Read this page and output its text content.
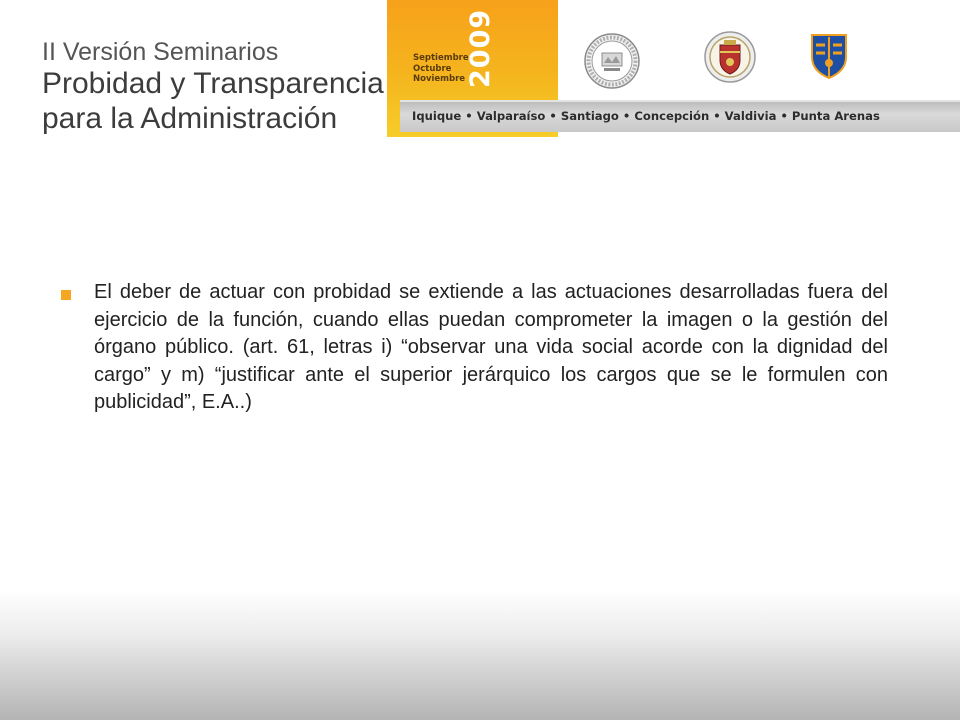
II Versión Seminarios
Probidad y Transparencia
para la Administración
Septiembre
Octubre
Noviembre 2009
Iquique • Valparaíso • Santiago • Concepción • Valdivia • Punta Arenas

El deber de actuar con probidad se extiende a las actuaciones desarrolladas fuera del ejercicio de la función, cuando ellas puedan comprometer la imagen o la gestión del órgano público. (art. 61, letras i) “observar una vida social acorde con la dignidad del cargo” y m) “justificar ante el superior jerárquico los cargos que se le formulen con publicidad”, E.A..)
